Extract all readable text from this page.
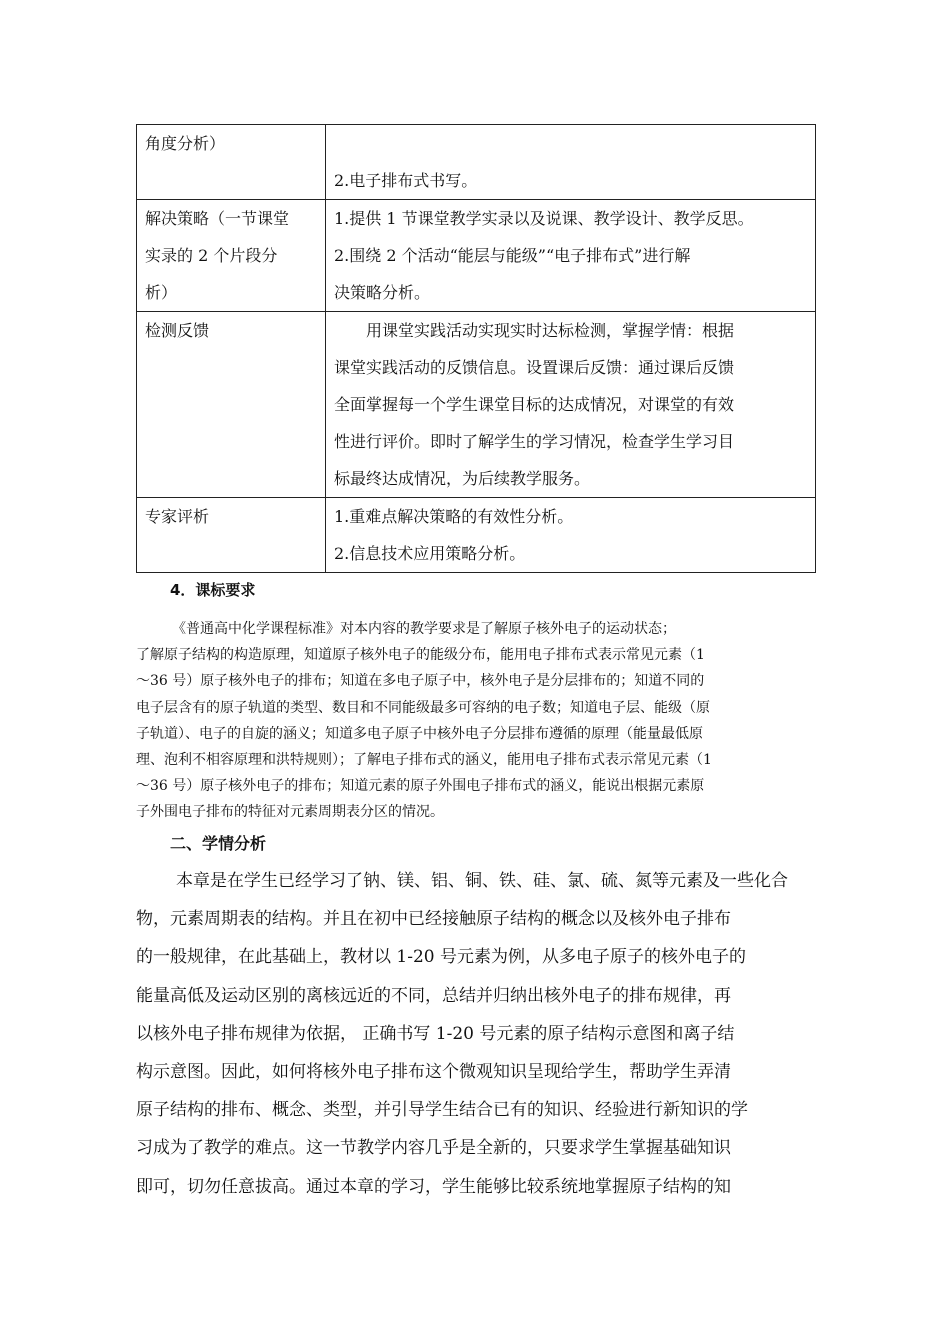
角度分析）	2.电子排布式书写。

解决策略（一节课堂
实录的 2 个片段分
析）	1.提供 1 节课堂教学实录以及说课、教学设计、教学反思。
2.围绕 2 个活动“能层与能级”“电子排布式”进行解
决策略分析。

检测反馈	用课堂实践活动实现实时达标检测，掌握学情：根据
课堂实践活动的反馈信息。设置课后反馈：通过课后反馈
全面掌握每一个学生课堂目标的达成情况，对课堂的有效
性进行评价。即时了解学生的学习情况，检查学生学习目
标最终达成情况，为后续教学服务。

专家评析	1.重难点解决策略的有效性分析。
2.信息技术应用策略分析。
4．课标要求
《普通高中化学课程标准》对本内容的教学要求是了解原子核外电子的运动状态；
了解原子结构的构造原理，知道原子核外电子的能级分布，能用电子排布式表示常见元素（1
～36 号）原子核外电子的排布；知道在多电子原子中，核外电子是分层排布的；知道不同的
电子层含有的原子轨道的类型、数目和不同能级最多可容纳的电子数；知道电子层、能级（原
子轨道）、电子的自旋的涵义；知道多电子原子中核外电子分层排布遵循的原理（能量最低原
理、泡利不相容原理和洪特规则）；了解电子排布式的涵义，能用电子排布式表示常见元素（1
～36 号）原子核外电子的排布；知道元素的原子外围电子排布式的涵义，能说出根据元素原
子外围电子排布的特征对元素周期表分区的情况。
二、学情分析
本章是在学生已经学习了钠、镁、铝、铜、铁、硅、氯、硫、氮等元素及一些化合
物，元素周期表的结构。并且在初中已经接触原子结构的概念以及核外电子排布
的一般规律，在此基础上，教材以 1-20 号元素为例，从多电子原子的核外电子的
能量高低及运动区别的离核远近的不同，总结并归纳出核外电子的排布规律，再
以核外电子排布规律为依据， 正确书写 1-20 号元素的原子结构示意图和离子结
构示意图。因此，如何将核外电子排布这个微观知识呈现给学生，帮助学生弄清
原子结构的排布、概念、类型，并引导学生结合已有的知识、经验进行新知识的学
习成为了教学的难点。这一节教学内容几乎是全新的，只要求学生掌握基础知识
即可，切勿任意拔高。通过本章的学习，学生能够比较系统地掌握原子结构的知
